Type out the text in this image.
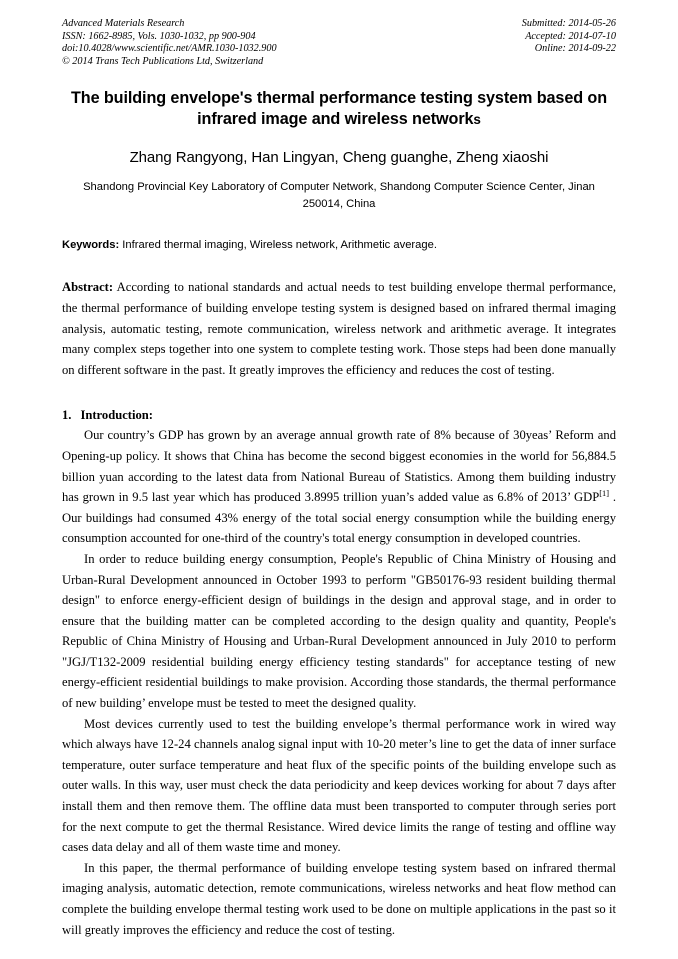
Advanced Materials Research
ISSN: 1662-8985, Vols. 1030-1032, pp 900-904
doi:10.4028/www.scientific.net/AMR.1030-1032.900
© 2014 Trans Tech Publications Ltd, Switzerland
Submitted: 2014-05-26
Accepted: 2014-07-10
Online: 2014-09-22
The building envelope's thermal performance testing system based on infrared image and wireless networks
Zhang Rangyong, Han Lingyan, Cheng guanghe, Zheng xiaoshi
Shandong Provincial Key Laboratory of Computer Network, Shandong Computer Science Center, Jinan 250014, China
Keywords: Infrared thermal imaging, Wireless network, Arithmetic average.
Abstract: According to national standards and actual needs to test building envelope thermal performance, the thermal performance of building envelope testing system is designed based on infrared thermal imaging analysis, automatic testing, remote communication, wireless network and arithmetic average. It integrates many complex steps together into one system to complete testing work. Those steps had been done manually on different software in the past. It greatly improves the efficiency and reduces the cost of testing.
1. Introduction:

Our country’s GDP has grown by an average annual growth rate of 8% because of 30yeas’ Reform and Opening-up policy. It shows that China has become the second biggest economies in the world for 56,884.5 billion yuan according to the latest data from National Bureau of Statistics. Among them building industry has grown in 9.5 last year which has produced 3.8995 trillion yuan’s added value as 6.8% of 2013’ GDP[1] . Our buildings had consumed 43% energy of the total social energy consumption while the building energy consumption accounted for one-third of the country's total energy consumption in developed countries.

In order to reduce building energy consumption, People's Republic of China Ministry of Housing and Urban-Rural Development announced in October 1993 to perform "GB50176-93 resident building thermal design" to enforce energy-efficient design of buildings in the design and approval stage, and in order to ensure that the building matter can be completed according to the design quality and quantity, People's Republic of China Ministry of Housing and Urban-Rural Development announced in July 2010 to perform "JGJ/T132-2009 residential building energy efficiency testing standards" for acceptance testing of new energy-efficient residential buildings to make provision. According those standards, the thermal performance of new building’ envelope must be tested to meet the designed quality.

Most devices currently used to test the building envelope’s thermal performance work in wired way which always have 12-24 channels analog signal input with 10-20 meter’s line to get the data of inner surface temperature, outer surface temperature and heat flux of the specific points of the building envelope such as outer walls. In this way, user must check the data periodicity and keep devices working for about 7 days after install them and then remove them. The offline data must been transported to computer through series port for the next compute to get the thermal Resistance. Wired device limits the range of testing and offline way cases data delay and all of them waste time and money.

In this paper, the thermal performance of building envelope testing system based on infrared thermal imaging analysis, automatic detection, remote communications, wireless networks and heat flow method can complete the building envelope thermal testing work used to be done on multiple applications in the past so it will greatly improves the efficiency and reduce the cost of testing.
